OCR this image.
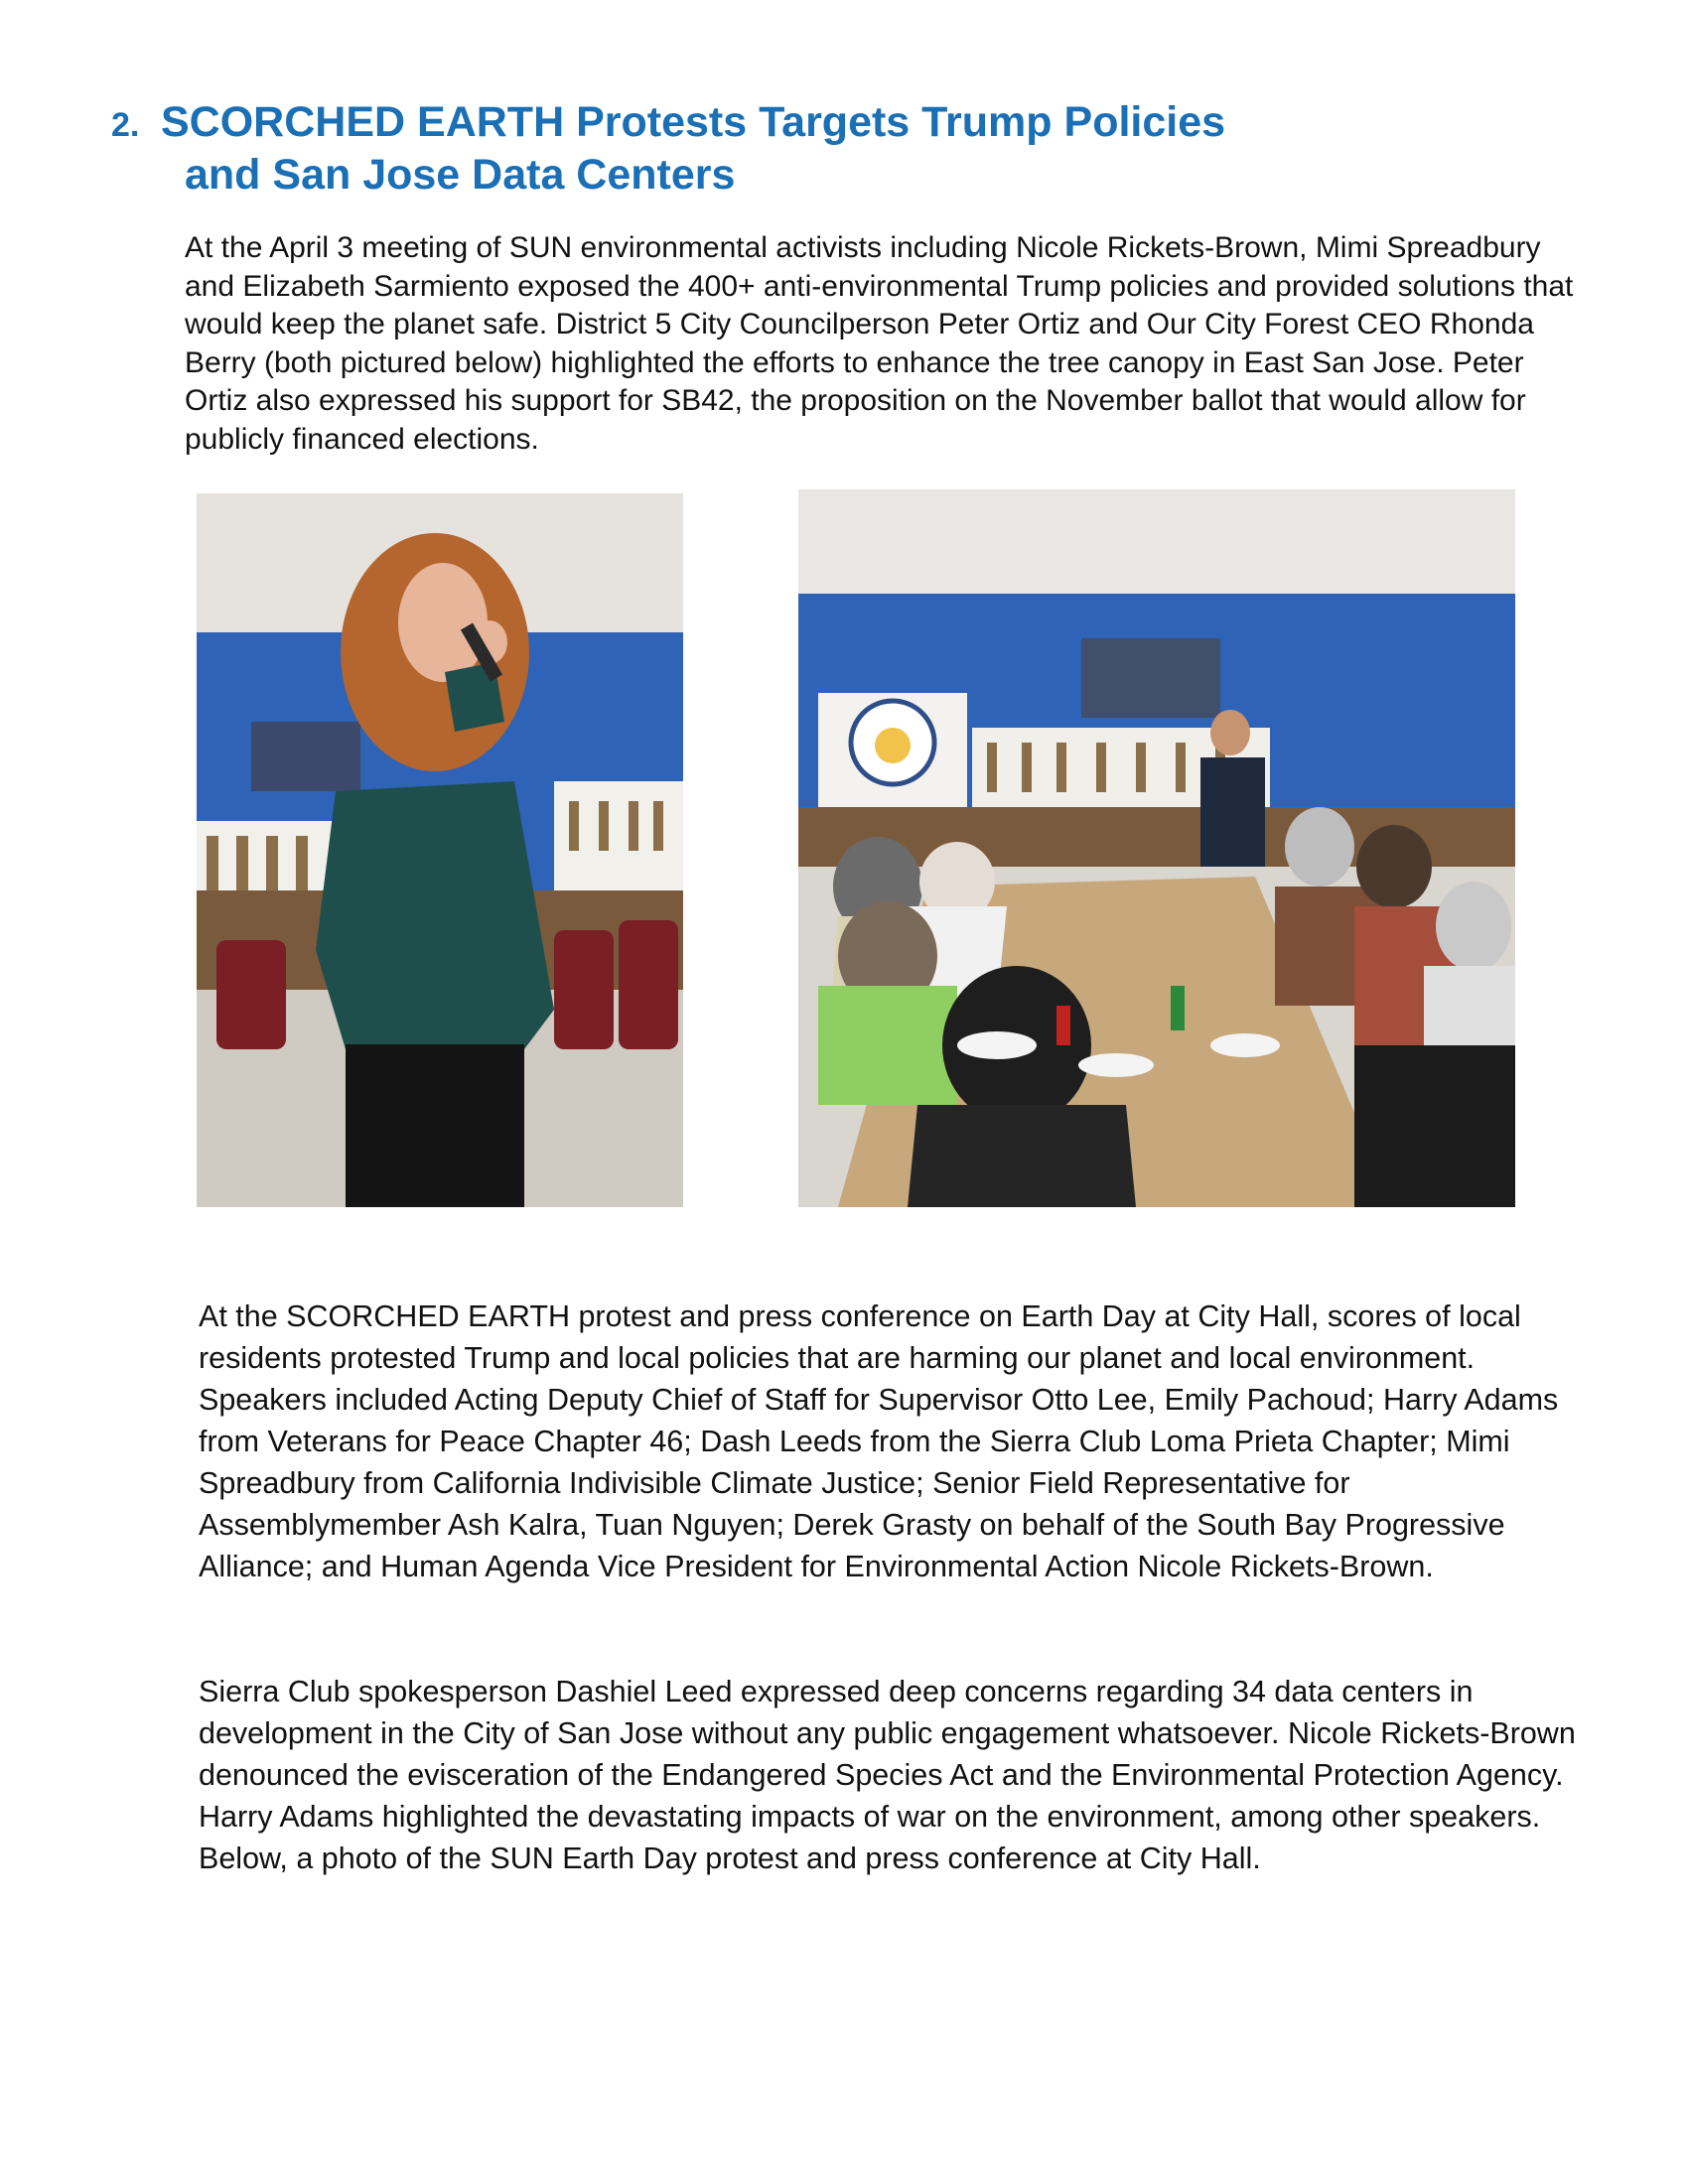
2. SCORCHED EARTH Protests Targets Trump Policies
and San Jose Data Centers
At the April 3 meeting of SUN environmental activists including Nicole Rickets-Brown, Mimi Spreadbury and Elizabeth Sarmiento exposed the 400+ anti-environmental Trump policies and provided solutions that would keep the planet safe. District 5 City Councilperson Peter Ortiz and Our City Forest CEO Rhonda Berry (both pictured below) highlighted the efforts to enhance the tree canopy in East San Jose. Peter Ortiz also expressed his support for SB42, the proposition on the November ballot that would allow for publicly financed elections.
At the SCORCHED EARTH protest and press conference on Earth Day at City Hall, scores of local residents protested Trump and local policies that are harming our planet and local environment. Speakers included Acting Deputy Chief of Staff for Supervisor Otto Lee, Emily Pachoud; Harry Adams from Veterans for Peace Chapter 46; Dash Leeds from the Sierra Club Loma Prieta Chapter; Mimi Spreadbury from California Indivisible Climate Justice; Senior Field Representative for Assemblymember Ash Kalra, Tuan Nguyen; Derek Grasty on behalf of the South Bay Progressive Alliance; and Human Agenda Vice President for Environmental Action Nicole Rickets-Brown.
Sierra Club spokesperson Dashiel Leed expressed deep concerns regarding 34 data centers in development in the City of San Jose without any public engagement whatsoever. Nicole Rickets-Brown denounced the evisceration of the Endangered Species Act and the Environmental Protection Agency. Harry Adams highlighted the devastating impacts of war on the environment, among other speakers. Below, a photo of the SUN Earth Day protest and press conference at City Hall.
